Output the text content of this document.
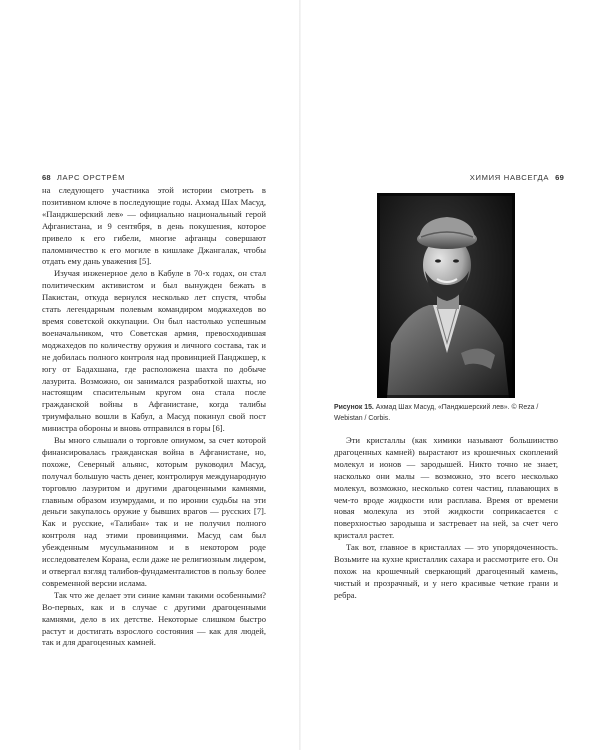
68 ЛАРС ОРСТРЁМ	ХИМИЯ НАВСЕГДА 69

на следующего участника этой истории смотреть в позитивном ключе в последующие годы. Ахмад Шах Масуд, «Панджшерский лев» — официально национальный герой Афганистана, и 9 сентября, в день покушения, которое привело к его гибели, многие афганцы совершают паломничество к его могиле в кишлаке Джангалак, чтобы отдать ему дань уважения [5].

Изучая инженерное дело в Кабуле в 70-х годах, он стал политическим активистом и был вынужден бежать в Пакистан, откуда вернулся несколько лет спустя, чтобы стать легендарным полевым командиром моджахедов во время советской оккупации. Он был настолько успешным военачальником, что Советская армия, превосходившая моджахедов по количеству оружия и личного состава, так и не добилась полного контроля над провинцией Панджшер, к югу от Бадахшана, где расположена шахта по добыче лазурита. Возможно, он занимался разработкой шахты, но настоящим спасительным кругом она стала после гражданской войны в Афганистане, когда талибы триумфально вошли в Кабул, а Масуд покинул свой пост министра обороны и вновь отправился в горы [6].

Вы много слышали о торговле опиумом, за счет которой финансировалась гражданская война в Афганистане, но, похоже, Северный альянс, которым руководил Масуд, получал большую часть денег, контролируя международную торговлю лазуритом и другими драгоценными камнями, главным образом изумрудами, и по иронии судьбы на эти деньги закупалось оружие у бывших врагов — русских [7]. Как и русские, «Талибан» так и не получил полного контроля над этими провинциями. Масуд сам был убежденным мусульманином и в некотором роде исследователем Корана, если даже не религиозным лидером, и отвергал взгляд талибов-фундаменталистов в пользу более современной версии ислама.

Так что же делает эти синие камни такими особенными? Во-первых, как и в случае с другими драгоценными камнями, дело в их детстве. Некоторые слишком быстро растут и достигать взрослого состояния — как для людей, так и для драгоценных камней.

Рисунок 15. Ахмад Шах Масуд, «Панджшерский лев». © Reza / Webistan / Corbis.

Эти кристаллы (как химики называют большинство драгоценных камней) вырастают из крошечных скоплений молекул и ионов — зародышей. Никто точно не знает, насколько они малы — возможно, это всего несколько молекул, возможно, несколько сотен частиц, плавающих в чем-то вроде жидкости или расплава. Время от времени новая молекула из этой жидкости соприкасается с поверхностью зародыша и застревает на ней, за счет чего кристалл растет.

Так вот, главное в кристаллах — это упорядоченность. Возьмите на кухне кристаллик сахара и рассмотрите его. Он похож на крошечный сверкающий драгоценный камень, чистый и прозрачный, и у него красивые четкие грани и ребра.
